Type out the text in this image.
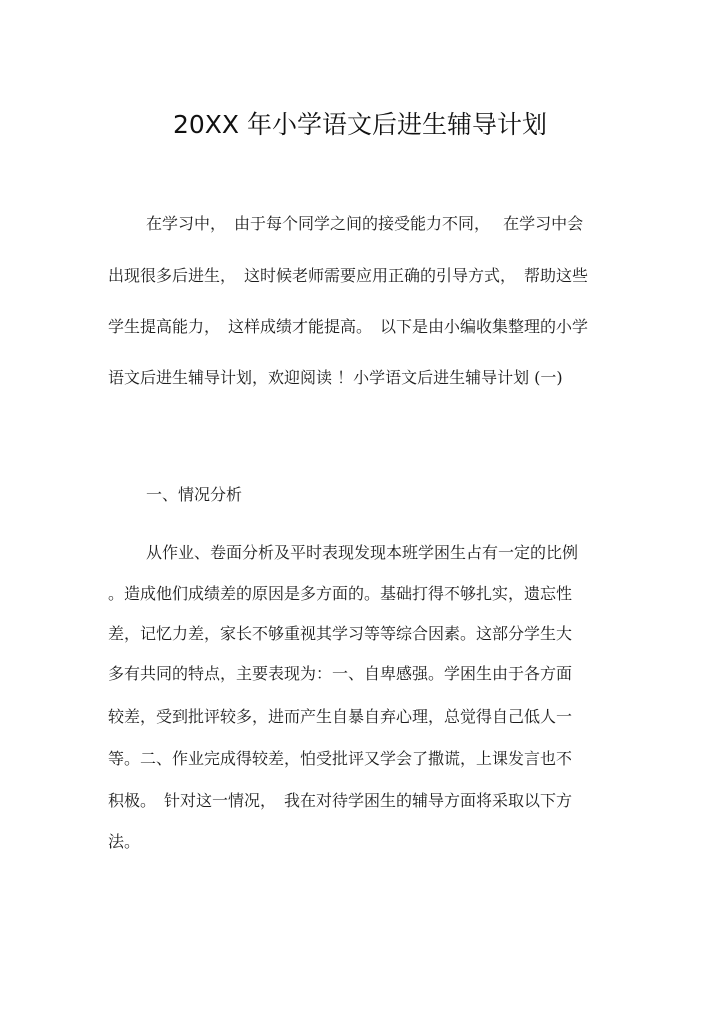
20XX 年小学语文后进生辅导计划
在学习中，　由于每个同学之间的接受能力不同，　 在学习中会
出现很多后进生，　这时候老师需要应用正确的引导方式，　帮助这些
学生提高能力，　这样成绩才能提高。　以下是由小编收集整理的小学
语文后进生辅导计划，欢迎阅读 ！小学语文后进生辅导计划 (一)
一、情况分析
从作业、卷面分析及平时表现发现本班学困生占有一定的比例
。造成他们成绩差的原因是多方面的。基础打得不够扎实，遗忘性
差，记忆力差，家长不够重视其学习等等综合因素。这部分学生大
多有共同的特点，主要表现为：一、自卑感强。学困生由于各方面
较差，受到批评较多，进而产生自暴自弃心理，总觉得自己低人一
等。二、作业完成得较差，怕受批评又学会了撒谎，上课发言也不
积极。　针对这一情况，　我在对待学困生的辅导方面将采取以下方
法。
